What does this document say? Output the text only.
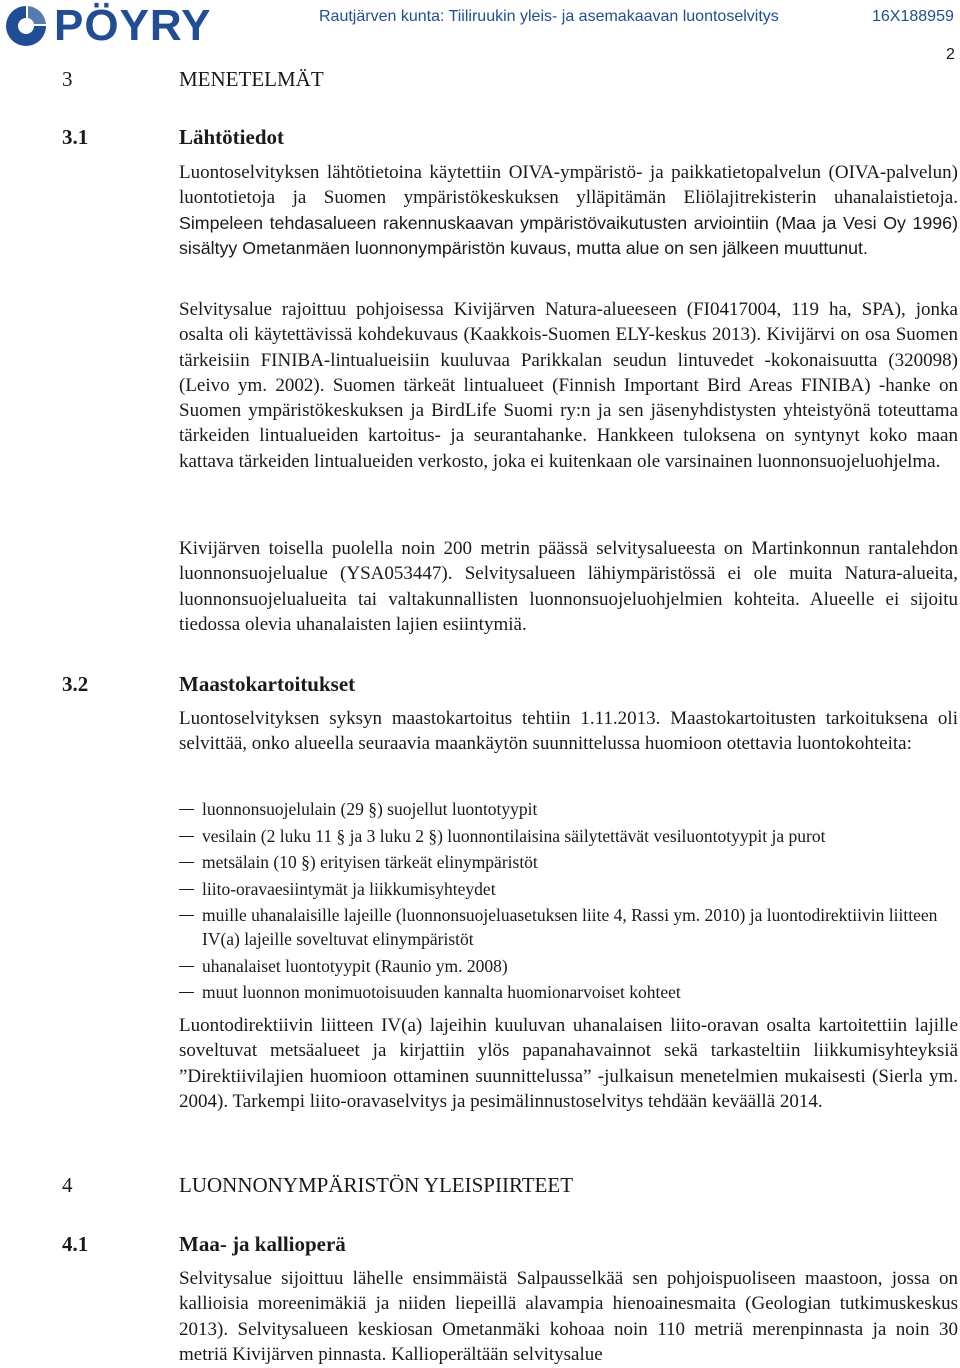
PÖYRY	Rautjärven kunta: Tiiliruukin yleis- ja asemakaavan luontoselvitys	16X188959
2
3	MENETELMÄT
3.1	Lähtötiedot

Luontoselvityksen lähtötietoina käytettiin OIVA-ympäristö- ja paikkatietopalvelun (OIVA-palvelun) luontotietoja ja Suomen ympäristökeskuksen ylläpitämän Eliölajitrekisterin uhanalaistietoja. Simpeleen tehdasalueen rakennuskaavan ympäristövaikutusten arviointiin (Maa ja Vesi Oy 1996) sisältyy Ometanmäen luonnonympäristön kuvaus, mutta alue on sen jälkeen muuttunut.

Selvitysalue rajoittuu pohjoisessa Kivijärven Natura-alueeseen (FI0417004, 119 ha, SPA), jonka osalta oli käytettävissä kohdekuvaus (Kaakkois-Suomen ELY-keskus 2013). Kivijärvi on osa Suomen tärkeisiin FINIBA-lintualueisiin kuuluvaa Parikkalan seudun lintuvedet -kokonaisuutta (320098) (Leivo ym. 2002). Suomen tärkeät lintualueet (Finnish Important Bird Areas FINIBA) -hanke on Suomen ympäristökeskuksen ja BirdLife Suomi ry:n ja sen jäsenyhdistysten yhteistyönä toteuttama tärkeiden lintualueiden kartoitus- ja seurantahanke. Hankkeen tuloksena on syntynyt koko maan kattava tärkeiden lintualueiden verkosto, joka ei kuitenkaan ole varsinainen luonnonsuojeluohjelma.

Kivijärven toisella puolella noin 200 metrin päässä selvitysalueesta on Martinkonnun rantalehdon luonnonsuojelualue (YSA053447). Selvitysalueen lähiympäristössä ei ole muita Natura-alueita, luonnonsuojelualueita tai valtakunnallisten luonnonsuojeluohjelmien kohteita. Alueelle ei sijoitu tiedossa olevia uhanalaisten lajien esiintymiä.

3.2	Maastokartoitukset

Luontoselvityksen syksyn maastokartoitus tehtiin 1.11.2013. Maastokartoitusten tarkoituksena oli selvittää, onko alueella seuraavia maankäytön suunnittelussa huomioon otettavia luontokohteita:

luonnonsuojelulain (29 §) suojellut luontotyypit
vesilain (2 luku 11 § ja 3 luku 2 §) luonnontilaisina säilytettävät vesiluontotyypit ja purot
metsälain (10 §) erityisen tärkeät elinympäristöt
liito-oravaesiintymät ja liikkumisyhteydet
muille uhanalaisille lajeille (luonnonsuojeluasetuksen liite 4, Rassi ym. 2010) ja luontodirektiivin liitteen IV(a) lajeille soveltuvat elinympäristöt
uhanalaiset luontotyypit (Raunio ym. 2008)
muut luonnon monimuotoisuuden kannalta huomionarvoiset kohteet

Luontodirektiivin liitteen IV(a) lajeihin kuuluvan uhanalaisen liito-oravan osalta kartoitettiin lajille soveltuvat metsäalueet ja kirjattiin ylös papanahavainnot sekä tarkasteltiin liikkumisyhteyksiä ”Direktiivilajien huomioon ottaminen suunnittelussa” -julkaisun menetelmien mukaisesti (Sierla ym. 2004). Tarkempi liito-oravaselvitys ja pesimälinnustoselvitys tehdään keväällä 2014.

4	LUONNONYMPÄRISTÖN YLEISPIIRTEET
4.1	Maa- ja kallioperä

Selvitysalue sijoittuu lähelle ensimmäistä Salpausselkää sen pohjoispuoliseen maastoon, jossa on kallioisia moreenimäkiä ja niiden liepeillä alavampia hienoainesmaita (Geologian tutkimuskeskus 2013). Selvitysalueen keskiosan Ometanmäki kohoaa noin 110 metriä merenpinnasta ja noin 30 metriä Kivijärven pinnasta. Kallioperältään selvitysalue
